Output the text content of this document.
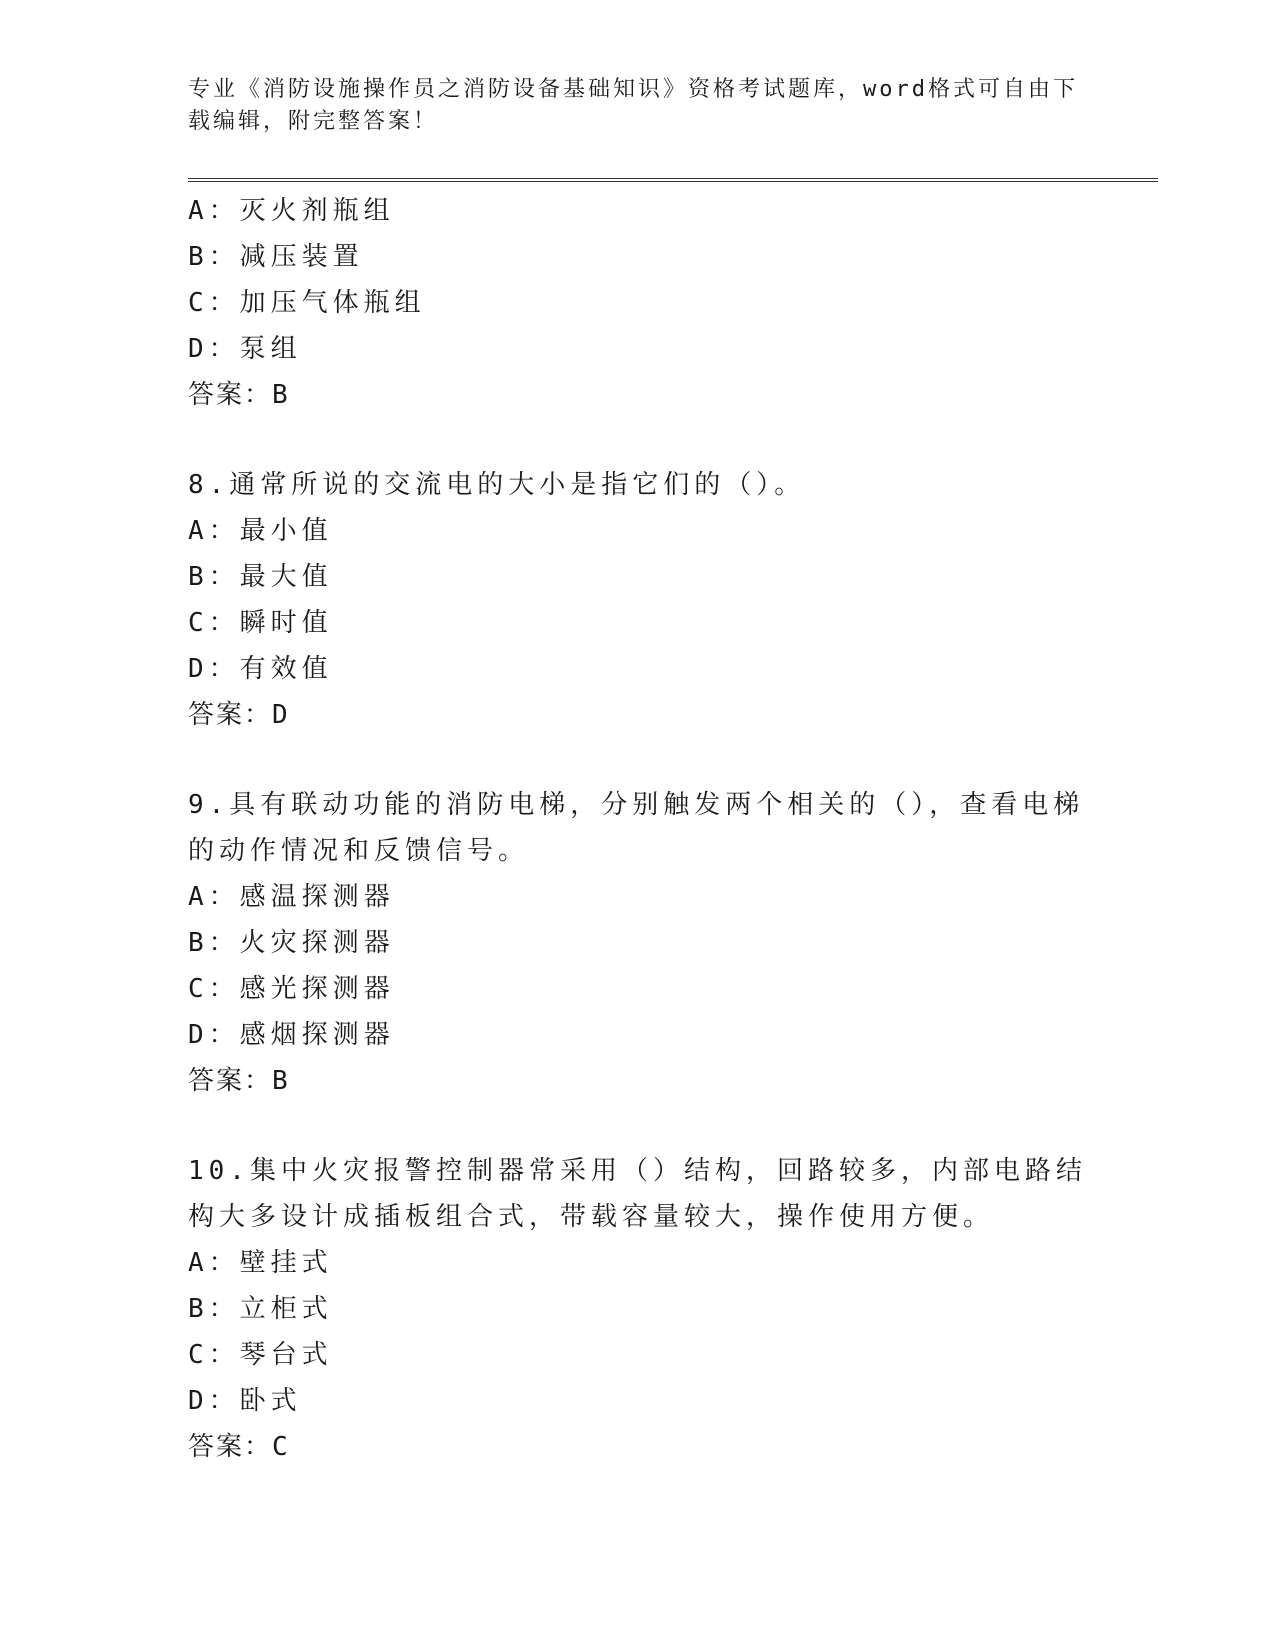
专业《消防设施操作员之消防设备基础知识》资格考试题库，word格式可自由下载编辑，附完整答案！
A：灭火剂瓶组
B：减压装置
C：加压气体瓶组
D：泵组
答案：B
8.通常所说的交流电的大小是指它们的（）。
A：最小值
B：最大值
C：瞬时值
D：有效值
答案：D
9.具有联动功能的消防电梯，分别触发两个相关的（），查看电梯的动作情况和反馈信号。
A：感温探测器
B：火灾探测器
C：感光探测器
D：感烟探测器
答案：B
10.集中火灾报警控制器常采用（）结构，回路较多，内部电路结构大多设计成插板组合式，带载容量较大，操作使用方便。
A：壁挂式
B：立柜式
C：琴台式
D：卧式
答案：C
